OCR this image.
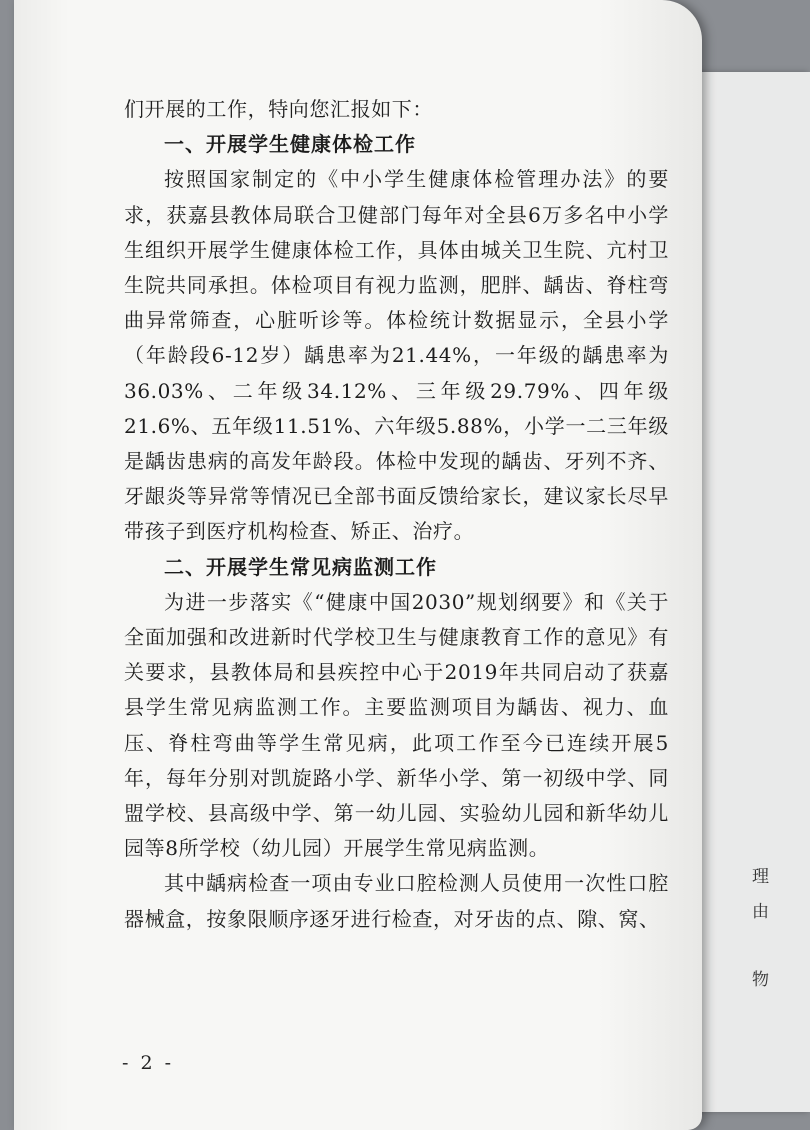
理
由
物

们开展的工作，特向您汇报如下：

一、开展学生健康体检工作

按照国家制定的《中小学生健康体检管理办法》的要求，获嘉县教体局联合卫健部门每年对全县6万多名中小学生组织开展学生健康体检工作，具体由城关卫生院、亢村卫生院共同承担。体检项目有视力监测，肥胖、龋齿、脊柱弯曲异常筛查，心脏听诊等。体检统计数据显示，全县小学（年龄段6-12岁）龋患率为21.44%，一年级的龋患率为36.03%、二年级34.12%、三年级29.79%、四年级21.6%、五年级11.51%、六年级5.88%，小学一二三年级是龋齿患病的高发年龄段。体检中发现的龋齿、牙列不齐、牙龈炎等异常等情况已全部书面反馈给家长，建议家长尽早带孩子到医疗机构检查、矫正、治疗。

二、开展学生常见病监测工作

为进一步落实《“健康中国2030”规划纲要》和《关于全面加强和改进新时代学校卫生与健康教育工作的意见》有关要求，县教体局和县疾控中心于2019年共同启动了获嘉县学生常见病监测工作。主要监测项目为龋齿、视力、血压、脊柱弯曲等学生常见病，此项工作至今已连续开展5年，每年分别对凯旋路小学、新华小学、第一初级中学、同盟学校、县高级中学、第一幼儿园、实验幼儿园和新华幼儿园等8所学校（幼儿园）开展学生常见病监测。

其中龋病检查一项由专业口腔检测人员使用一次性口腔器械盒，按象限顺序逐牙进行检查，对牙齿的点、隙、窝、

- 2 -
